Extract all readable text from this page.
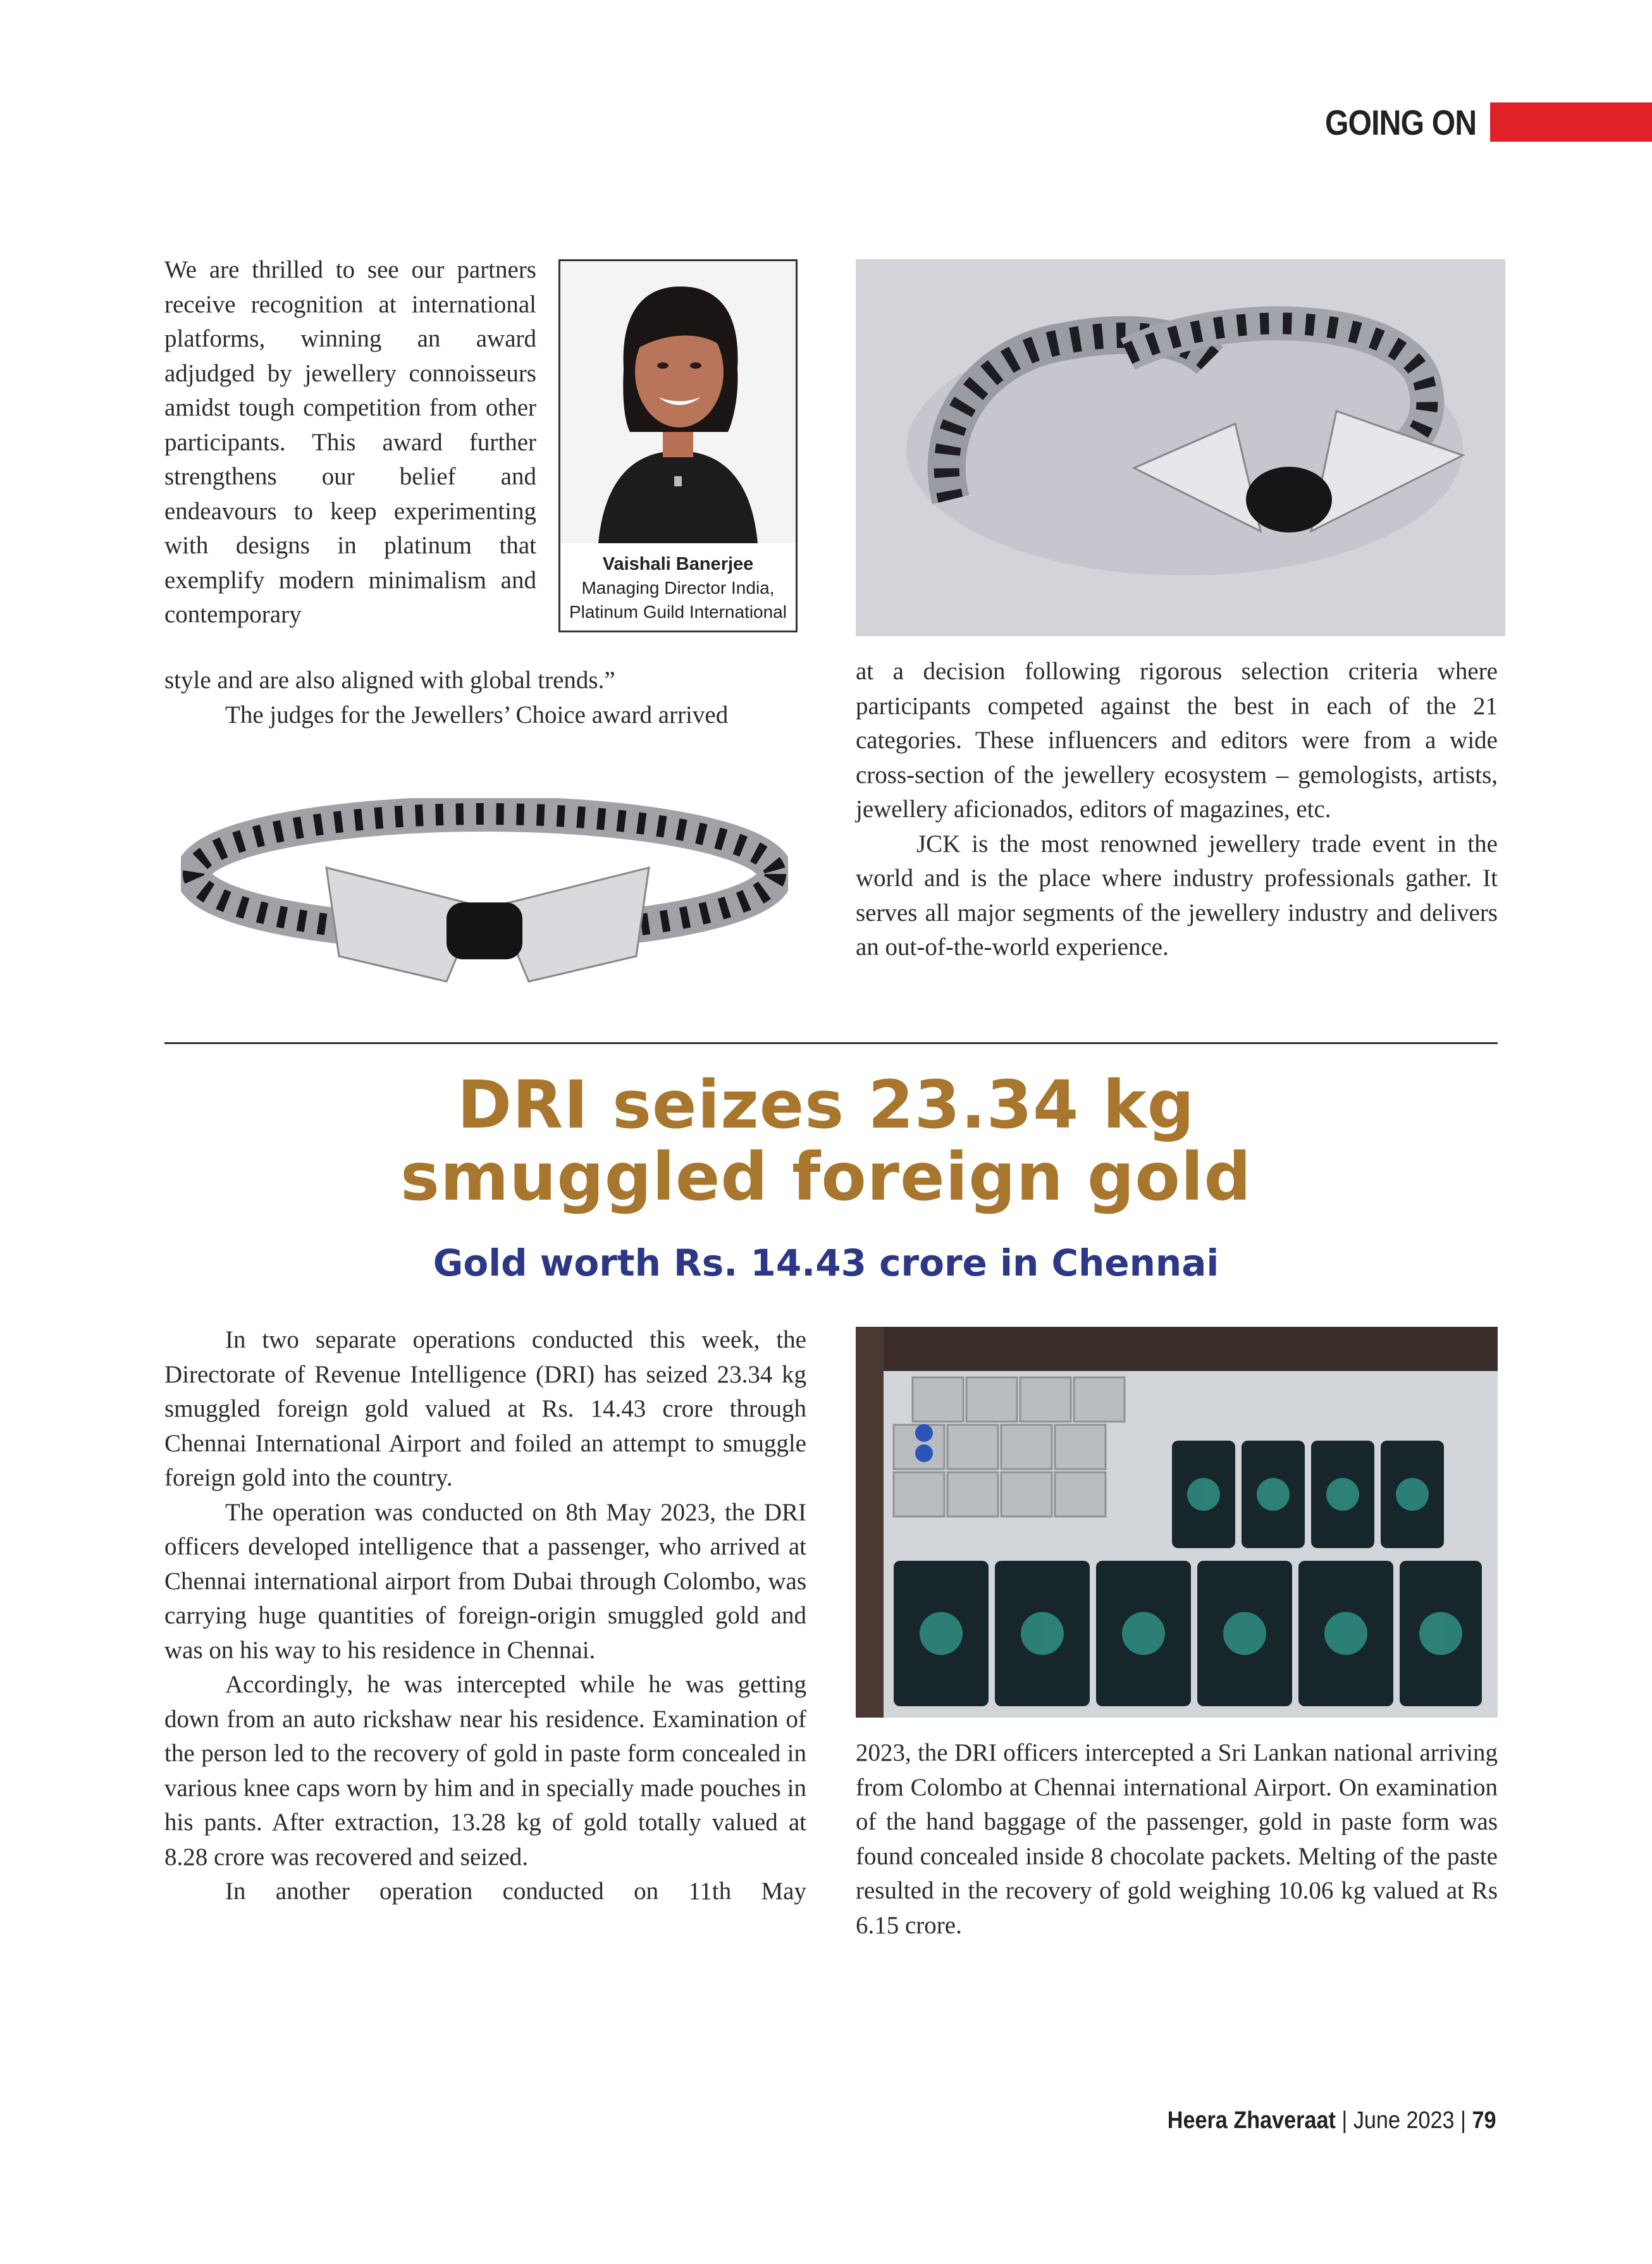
GOING ON

We are thrilled to see our partners receive recognition at international platforms, winning an award adjudged by jewellery connoisseurs amidst tough competition from other participants. This award further strengthens our belief and endeavours to keep experimenting with designs in platinum that exemplify modern minimalism and contemporary

style and are also aligned with global trends.”

The judges for the Jewellers’ Choice award arrived

Vaishali Banerjee
Managing Director India,
Platinum Guild International

at a decision following rigorous selection criteria where participants competed against the best in each of the 21 categories. These influencers and editors were from a wide cross-section of the jewellery ecosystem – gemologists, artists, jewellery aficionados, editors of magazines, etc.

JCK is the most renowned jewellery trade event in the world and is the place where industry professionals gather. It serves all major segments of the jewellery industry and delivers an out-of-the-world experience.

DRI seizes 23.34 kg
smuggled foreign gold
Gold worth Rs. 14.43 crore in Chennai

In two separate operations conducted this week, the Directorate of Revenue Intelligence (DRI) has seized 23.34 kg smuggled foreign gold valued at Rs. 14.43 crore through Chennai International Airport and foiled an attempt to smuggle foreign gold into the country.

The operation was conducted on 8th May 2023, the DRI officers developed intelligence that a passenger, who arrived at Chennai international airport from Dubai through Colombo, was carrying huge quantities of foreign-origin smuggled gold and was on his way to his residence in Chennai.

Accordingly, he was intercepted while he was getting down from an auto rickshaw near his residence. Examination of the person led to the recovery of gold in paste form concealed in various knee caps worn by him and in specially made pouches in his pants. After extraction, 13.28 kg of gold totally valued at 8.28 crore was recovered and seized.

In another operation conducted on 11th May

2023, the DRI officers intercepted a Sri Lankan national arriving from Colombo at Chennai international Airport. On examination of the hand baggage of the passenger, gold in paste form was found concealed inside 8 chocolate packets. Melting of the paste resulted in the recovery of gold weighing 10.06 kg valued at Rs 6.15 crore.

Heera Zhaveraat | June 2023 | 79
